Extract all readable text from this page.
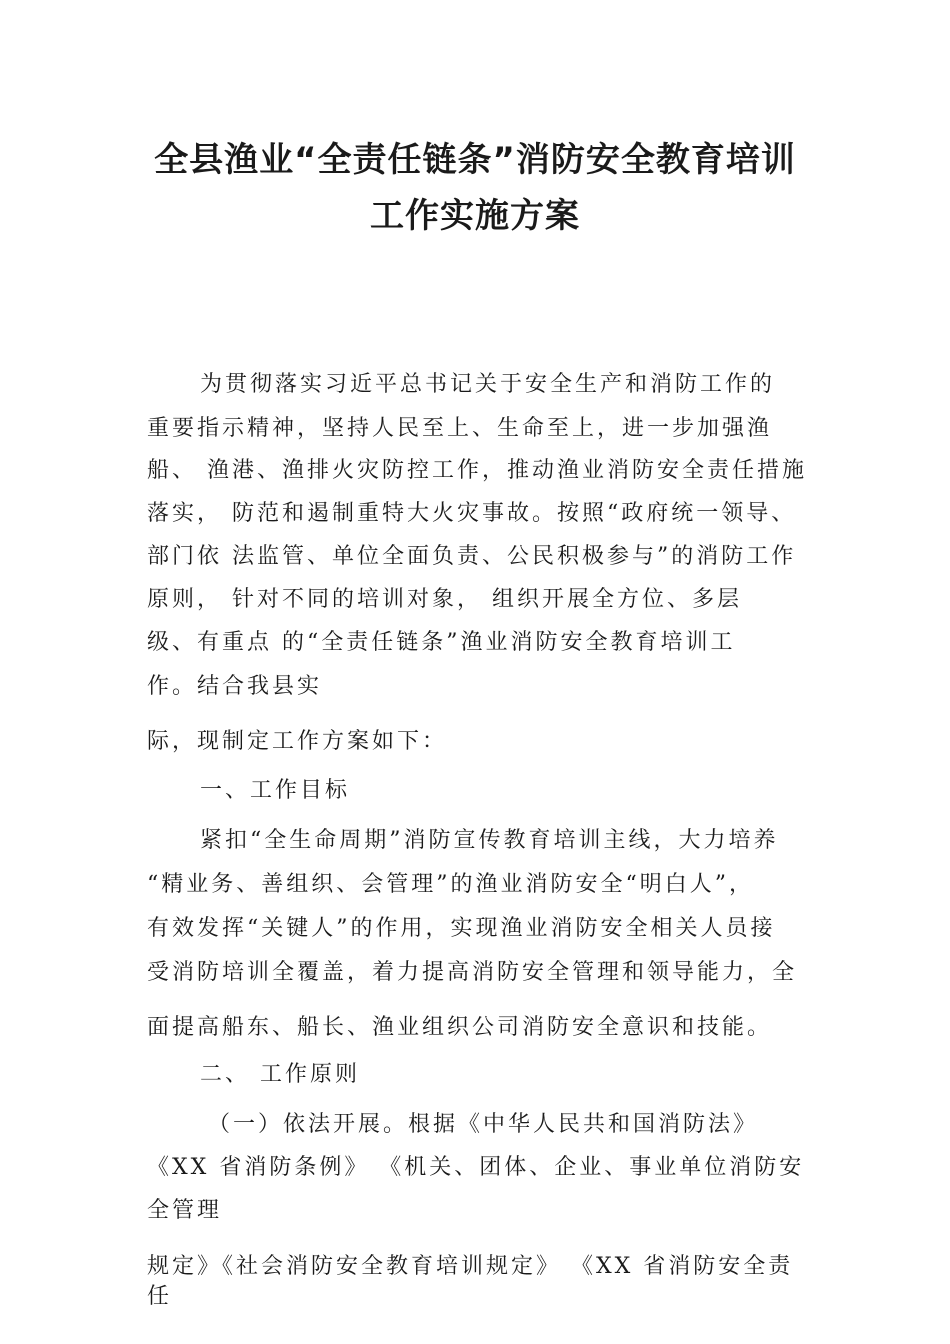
全县渔业“全责任链条”消防安全教育培训
工作实施方案
为贯彻落实习近平总书记关于安全生产和消防工作的
重要指示精神，坚持人民至上、生命至上，进一步加强渔
船、 渔港、渔排火灾防控工作，推动渔业消防安全责任措施
落实， 防范和遏制重特大火灾事故。按照“政府统一领导、
部门依 法监管、单位全面负责、公民积极参与”的消防工作
原则， 针对不同的培训对象， 组织开展全方位、多层
级、有重点 的“全责任链条”渔业消防安全教育培训工
作。结合我县实
际，现制定工作方案如下：
一、工作目标
紧扣“全生命周期”消防宣传教育培训主线，大力培养
“精业务、善组织、会管理”的渔业消防安全“明白人”，
有效发挥“关键人”的作用，实现渔业消防安全相关人员接
受消防培训全覆盖，着力提高消防安全管理和领导能力，全
面提高船东、船长、渔业组织公司消防安全意识和技能。
二、 工作原则
（一）依法开展。根据《中华人民共和国消防法》
《XX 省消防条例》 《机关、团体、企业、事业单位消防安
全管理
规定》《社会消防安全教育培训规定》 《XX 省消防安全责
任
